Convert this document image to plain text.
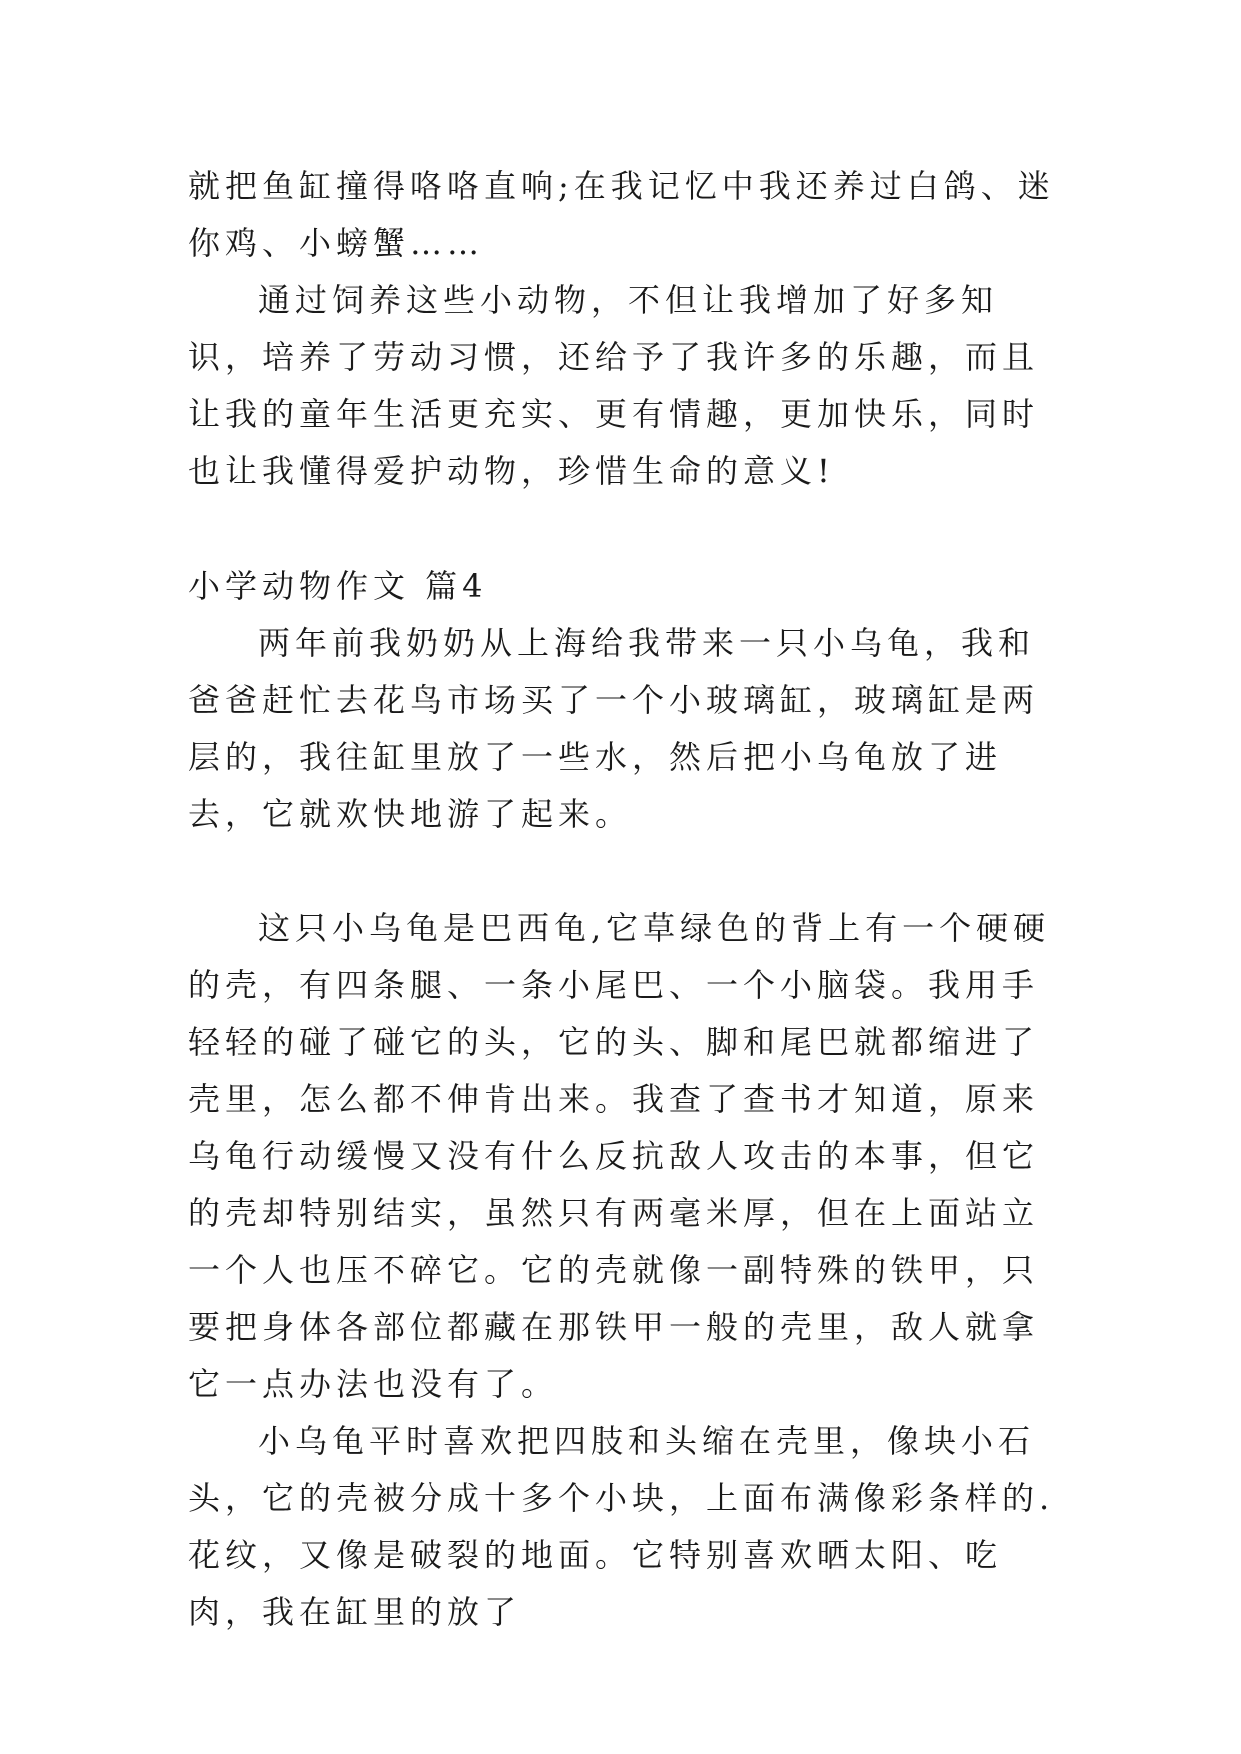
就把鱼缸撞得咯咯直响;在我记忆中我还养过白鸽、迷你鸡、小螃蟹……

通过饲养这些小动物，不但让我增加了好多知识，培养了劳动习惯，还给予了我许多的乐趣，而且让我的童年生活更充实、更有情趣，更加快乐，同时也让我懂得爱护动物，珍惜生命的意义!

小学动物作文 篇4

两年前我奶奶从上海给我带来一只小乌龟，我和爸爸赶忙去花鸟市场买了一个小玻璃缸，玻璃缸是两层的，我往缸里放了一些水，然后把小乌龟放了进去，它就欢快地游了起来。

这只小乌龟是巴西龟,它草绿色的背上有一个硬硬的壳，有四条腿、一条小尾巴、一个小脑袋。我用手轻轻的碰了碰它的头，它的头、脚和尾巴就都缩进了壳里，怎么都不伸肯出来。我查了查书才知道，原来乌龟行动缓慢又没有什么反抗敌人攻击的本事，但它的壳却特别结实，虽然只有两毫米厚，但在上面站立一个人也压不碎它。它的壳就像一副特殊的铁甲，只要把身体各部位都藏在那铁甲一般的壳里，敌人就拿它一点办法也没有了。

小乌龟平时喜欢把四肢和头缩在壳里，像块小石头，它的壳被分成十多个小块，上面布满像彩条样的.花纹，又像是破裂的地面。它特别喜欢晒太阳、吃肉，我在缸里的放了
